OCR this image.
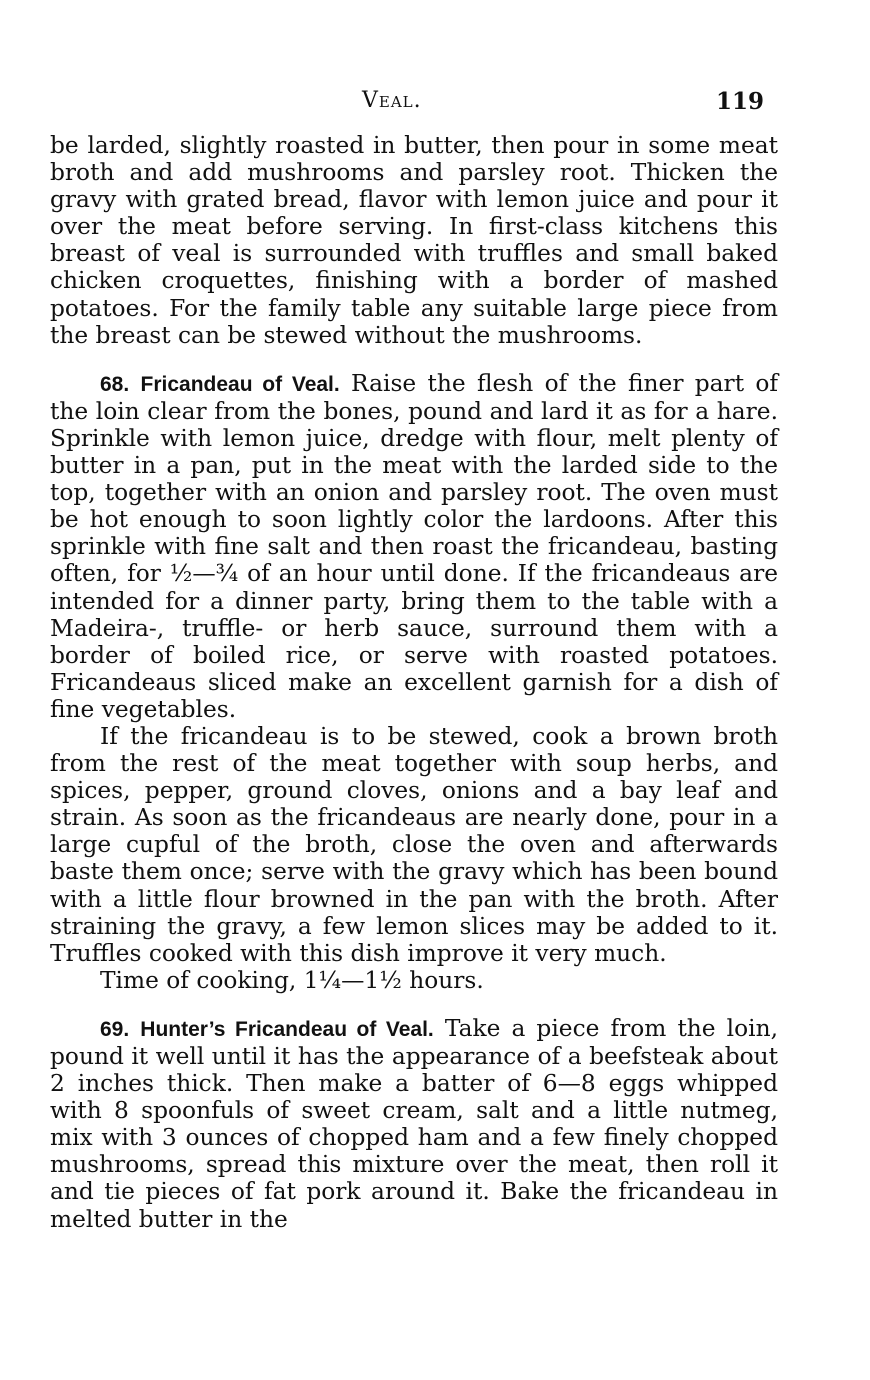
Veal.	119

be larded, slightly roasted in butter, then pour in some meat broth and add mushrooms and parsley root. Thicken the gravy with grated bread, flavor with lemon juice and pour it over the meat before serving. In first-class kitchens this breast of veal is surrounded with truffles and small baked chicken croquettes, finishing with a border of mashed potatoes. For the family table any suitable large piece from the breast can be stewed without the mushrooms.

68. Fricandeau of Veal. Raise the flesh of the finer part of the loin clear from the bones, pound and lard it as for a hare. Sprinkle with lemon juice, dredge with flour, melt plenty of butter in a pan, put in the meat with the larded side to the top, together with an onion and parsley root. The oven must be hot enough to soon lightly color the lardoons. After this sprinkle with fine salt and then roast the fricandeau, basting often, for ½—¾ of an hour until done. If the fricandeaus are intended for a dinner party, bring them to the table with a Madeira-, truffle- or herb sauce, surround them with a border of boiled rice, or serve with roasted potatoes. Fricandeaus sliced make an excellent garnish for a dish of fine vegetables.

If the fricandeau is to be stewed, cook a brown broth from the rest of the meat together with soup herbs, and spices, pepper, ground cloves, onions and a bay leaf and strain. As soon as the fricandeaus are nearly done, pour in a large cupful of the broth, close the oven and afterwards baste them once; serve with the gravy which has been bound with a little flour browned in the pan with the broth. After straining the gravy, a few lemon slices may be added to it. Truffles cooked with this dish improve it very much.

Time of cooking, 1¼—1½ hours.

69. Hunter’s Fricandeau of Veal. Take a piece from the loin, pound it well until it has the appearance of a beefsteak about 2 inches thick. Then make a batter of 6—8 eggs whipped with 8 spoonfuls of sweet cream, salt and a little nutmeg, mix with 3 ounces of chopped ham and a few finely chopped mushrooms, spread this mixture over the meat, then roll it and tie pieces of fat pork around it. Bake the fricandeau in melted butter in the
